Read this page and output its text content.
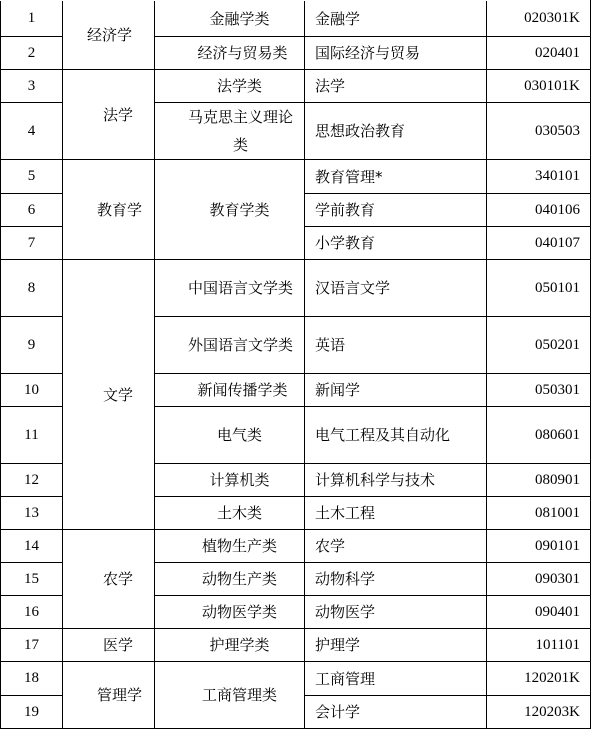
1	经济学	金融学类	金融学	020301K
2		经济与贸易类	国际经济与贸易	020401
3	法学	法学类	法学	030101K
4		马克思主义理论类	思想政治教育	030503
5	教育学	教育学类	教育管理*	340101
6			学前教育	040106
7			小学教育	040107
8	文学	中国语言文学类	汉语言文学	050101
9		外国语言文学类	英语	050201
10		新闻传播学类	新闻学	050301
11		电气类	电气工程及其自动化	080601
12		计算机类	计算机科学与技术	080901
13		土木类	土木工程	081001
14	农学	植物生产类	农学	090101
15		动物生产类	动物科学	090301
16		动物医学类	动物医学	090401
17	医学	护理学类	护理学	101101
18	管理学	工商管理类	工商管理	120201K
19			会计学	120203K
